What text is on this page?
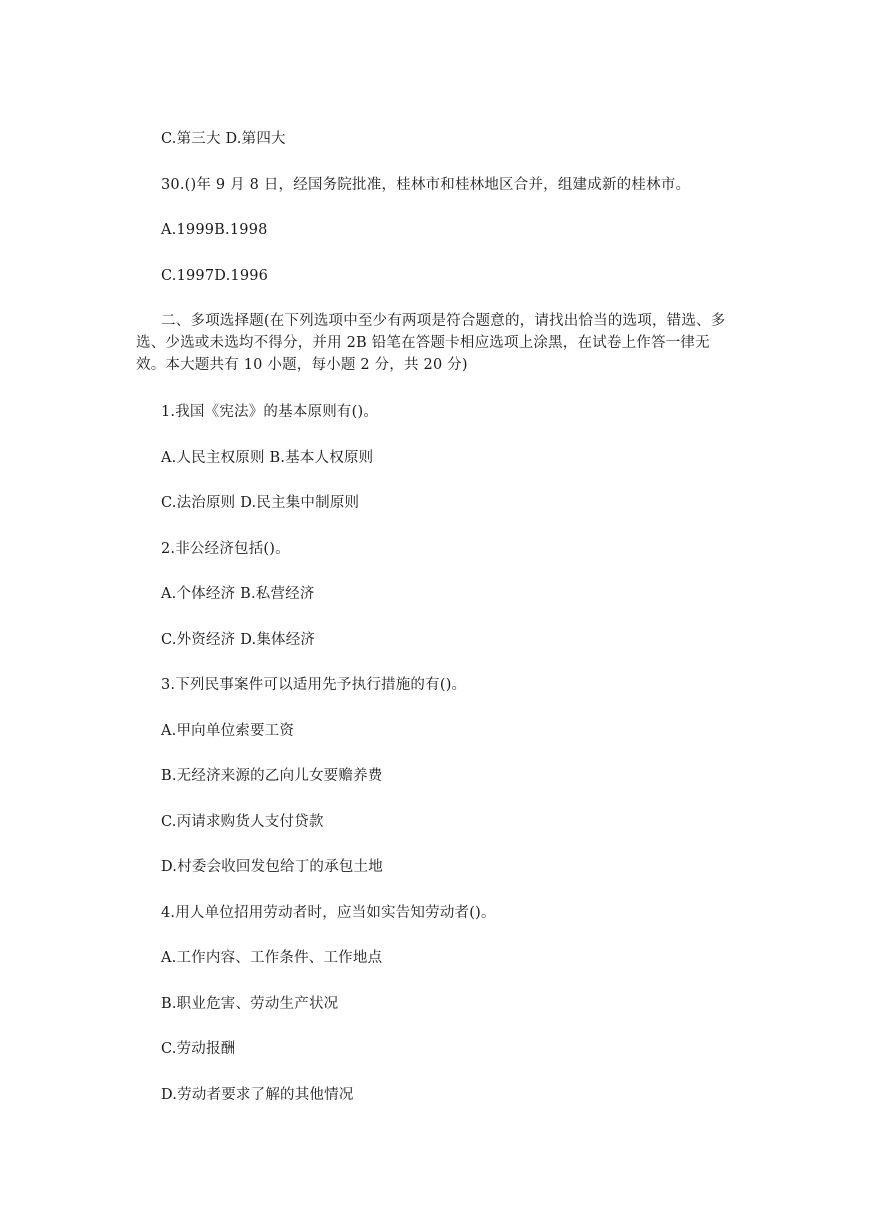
C.第三大 D.第四大
30.()年 9 月 8 日，经国务院批准，桂林市和桂林地区合并，组建成新的桂林市。
A.1999B.1998
C.1997D.1996
二、多项选择题(在下列选项中至少有两项是符合题意的，请找出恰当的选项，错选、多选、少选或未选均不得分，并用 2B 铅笔在答题卡相应选项上涂黑，在试卷上作答一律无效。本大题共有 10 小题，每小题 2 分，共 20 分)
1.我国《宪法》的基本原则有()。
A.人民主权原则 B.基本人权原则
C.法治原则 D.民主集中制原则
2.非公经济包括()。
A.个体经济 B.私营经济
C.外资经济 D.集体经济
3.下列民事案件可以适用先予执行措施的有()。
A.甲向单位索要工资
B.无经济来源的乙向儿女要赡养费
C.丙请求购货人支付贷款
D.村委会收回发包给丁的承包土地
4.用人单位招用劳动者时，应当如实告知劳动者()。
A.工作内容、工作条件、工作地点
B.职业危害、劳动生产状况
C.劳动报酬
D.劳动者要求了解的其他情况
